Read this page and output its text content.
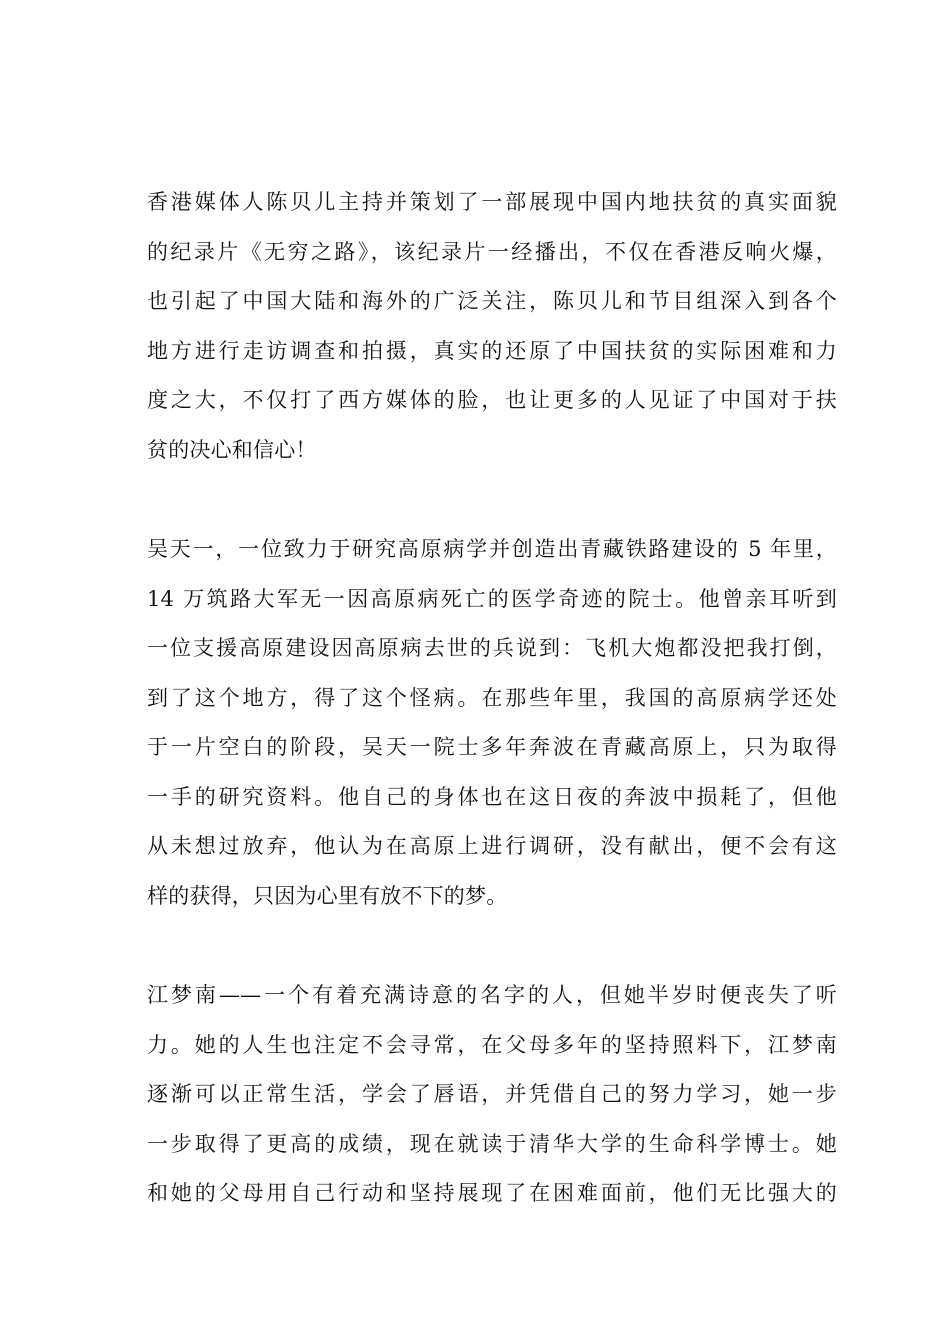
香港媒体人陈贝儿主持并策划了一部展现中国内地扶贫的真实面貌
的纪录片《无穷之路》，该纪录片一经播出，不仅在香港反响火爆，
也引起了中国大陆和海外的广泛关注，陈贝儿和节目组深入到各个
地方进行走访调查和拍摄，真实的还原了中国扶贫的实际困难和力
度之大，不仅打了西方媒体的脸，也让更多的人见证了中国对于扶
贫的决心和信心！
吴天一，一位致力于研究高原病学并创造出青藏铁路建设的 5 年里，
14 万筑路大军无一因高原病死亡的医学奇迹的院士。他曾亲耳听到
一位支援高原建设因高原病去世的兵说到：飞机大炮都没把我打倒，
到了这个地方，得了这个怪病。在那些年里，我国的高原病学还处
于一片空白的阶段，吴天一院士多年奔波在青藏高原上，只为取得
一手的研究资料。他自己的身体也在这日夜的奔波中损耗了，但他
从未想过放弃，他认为在高原上进行调研，没有献出，便不会有这
样的获得，只因为心里有放不下的梦。
江梦南——一个有着充满诗意的名字的人，但她半岁时便丧失了听
力。她的人生也注定不会寻常，在父母多年的坚持照料下，江梦南
逐渐可以正常生活，学会了唇语，并凭借自己的努力学习，她一步
一步取得了更高的成绩，现在就读于清华大学的生命科学博士。她
和她的父母用自己行动和坚持展现了在困难面前，他们无比强大的
